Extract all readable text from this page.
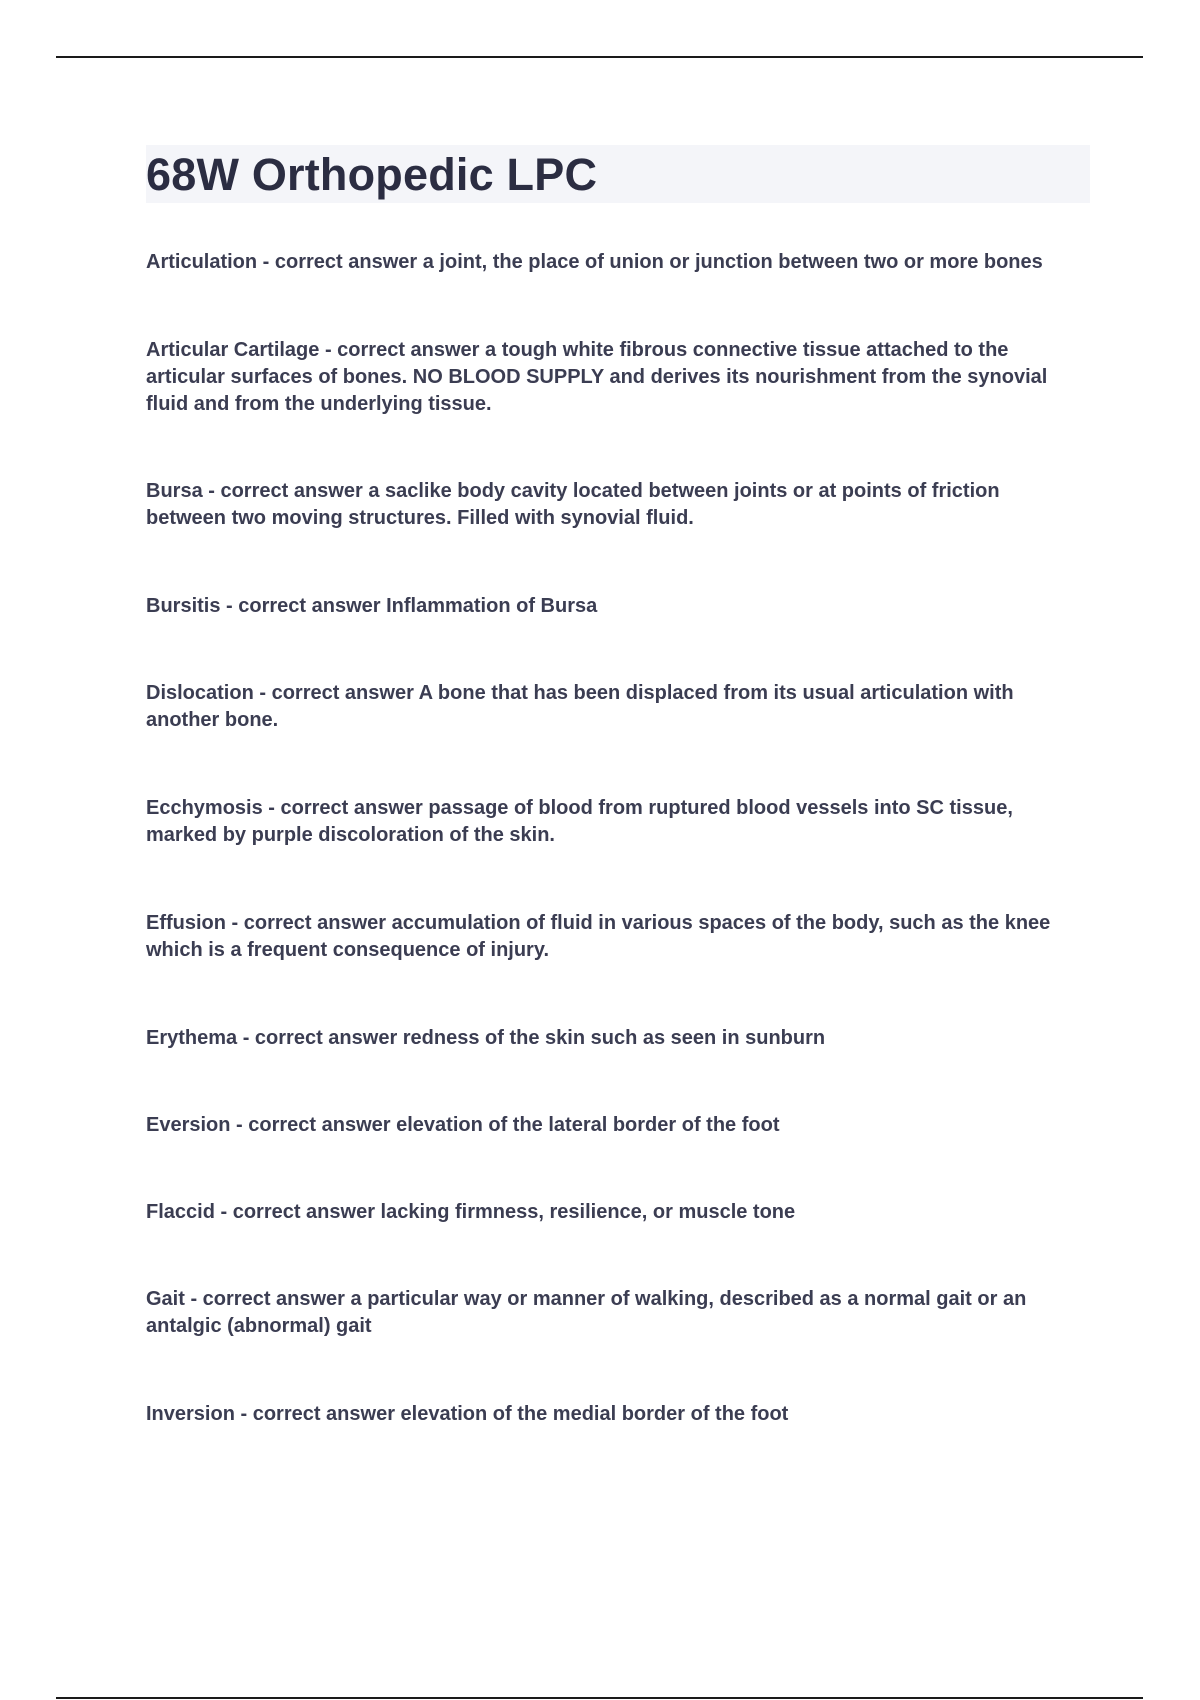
68W Orthopedic LPC

Articulation - correct answer a joint, the place of union or junction between two or more bones

Articular Cartilage - correct answer a tough white fibrous connective tissue attached to the articular surfaces of bones. NO BLOOD SUPPLY and derives its nourishment from the synovial fluid and from the underlying tissue.

Bursa - correct answer a saclike body cavity located between joints or at points of friction between two moving structures. Filled with synovial fluid.

Bursitis - correct answer Inflammation of Bursa

Dislocation - correct answer A bone that has been displaced from its usual articulation with another bone.

Ecchymosis - correct answer passage of blood from ruptured blood vessels into SC tissue, marked by purple discoloration of the skin.

Effusion - correct answer accumulation of fluid in various spaces of the body, such as the knee which is a frequent consequence of injury.

Erythema - correct answer redness of the skin such as seen in sunburn

Eversion - correct answer elevation of the lateral border of the foot

Flaccid - correct answer lacking firmness, resilience, or muscle tone

Gait - correct answer a particular way or manner of walking, described as a normal gait or an antalgic (abnormal) gait

Inversion - correct answer elevation of the medial border of the foot
